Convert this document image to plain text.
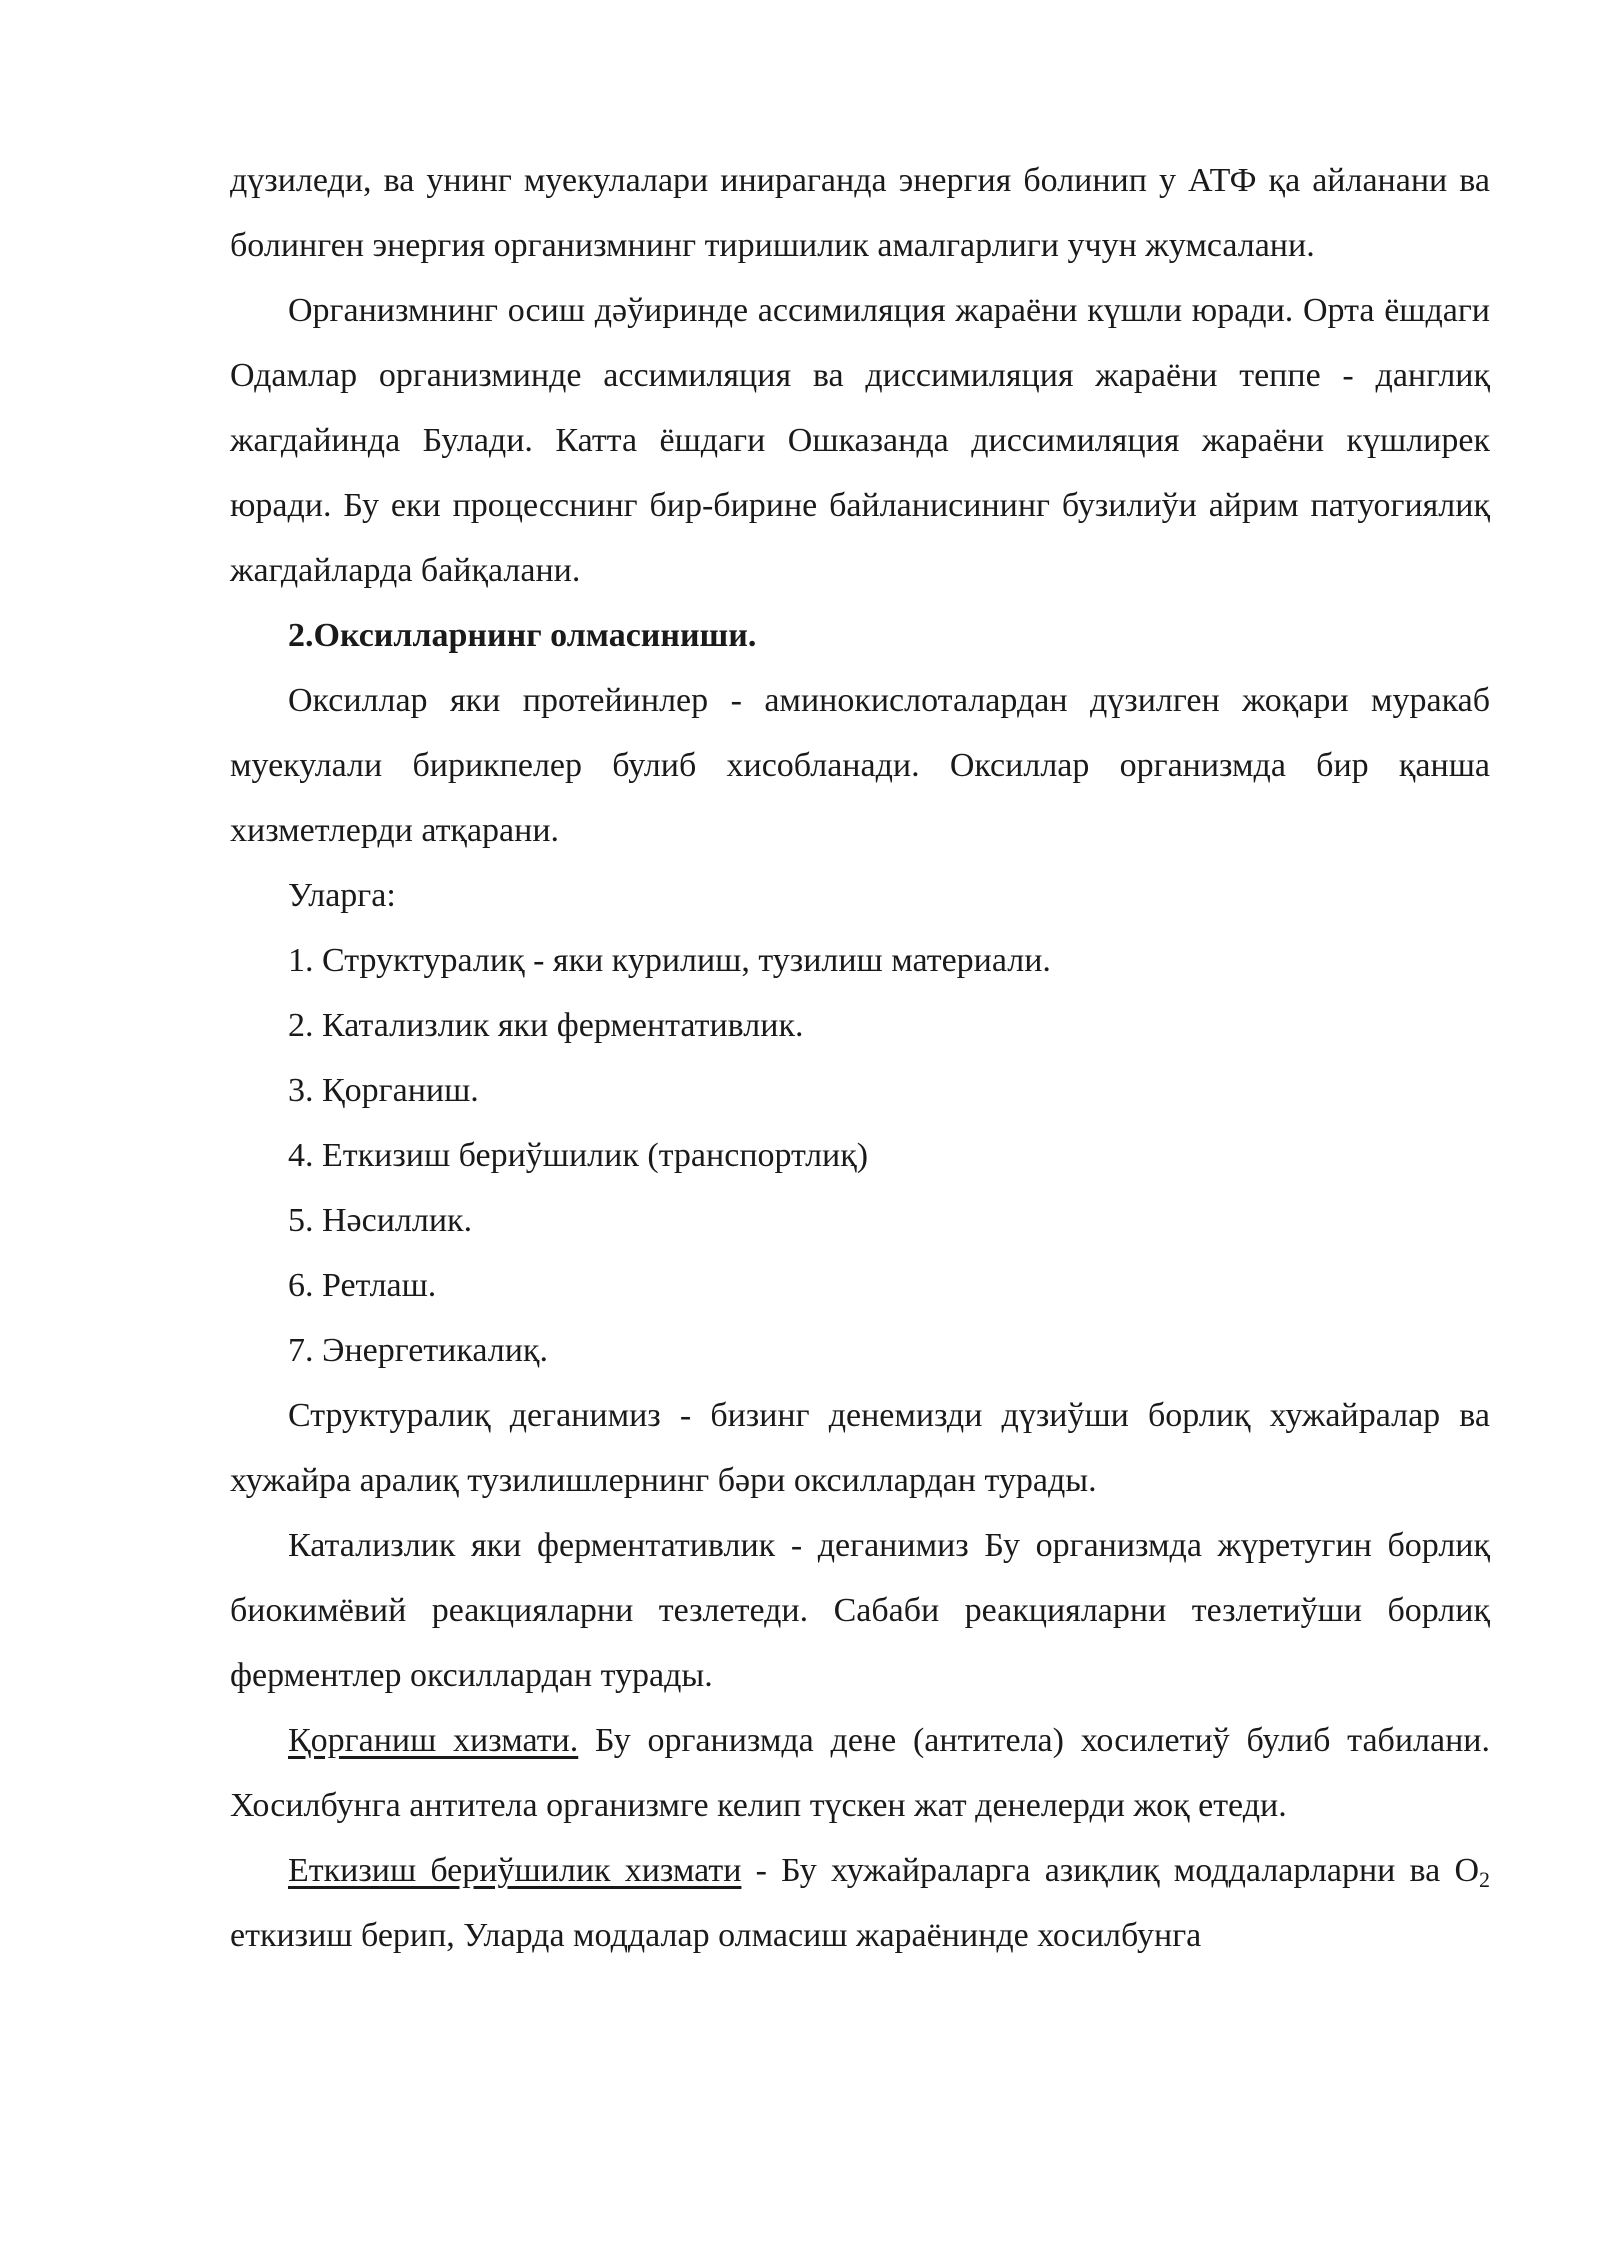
дүзиледи, ва унинг муекулалари инираганда энергия болинип у АТФ қа айланани ва болинген энергия организмнинг тиришилик амалгарлиги учун жумсалани.

Организмнинг осиш дәўиринде ассимиляция жараёни күшли юради. Орта ёшдаги Одамлар организминде ассимиляция ва диссимиляция жараёни теппе - данглиқ жагдайинда Булади. Катта ёшдаги Ошказанда диссимиляция жараёни күшлирек юради. Бу еки процесснинг бир-бирине байланисининг бузилиўи айрим патуогиялиқ жагдайларда байқалани.

2.Оксилларнинг олмасиниши.

Оксиллар яки протейинлер - аминокислоталардан дүзилген жоқари муракаб муекулали бирикпелер булиб хисобланади. Оксиллар организмда бир қанша хизметлерди атқарани.

Уларга:

1. Структуралиқ - яки курилиш, тузилиш материали.

2. Катализлик яки ферментативлик.

3. Қорганиш.

4. Еткизиш бериўшилик (транспортлиқ)

5. Нәсиллик.

6. Ретлаш.

7. Энергетикалиқ.

Структуралиқ деганимиз - бизинг денемизди дүзиўши борлиқ хужайралар ва хужайра аралиқ тузилишлернинг бәри оксиллардан турады.

Катализлик яки ферментативлик - деганимиз Бу организмда жүретугин борлиқ биокимёвий реакцияларни тезлетеди. Сабаби реакцияларни тезлетиўши борлиқ ферментлер оксиллардан турады.

Қорганиш хизмати. Бу организмда дене (антитела) хосилетиў булиб табилани. Хосилбунга антитела организмге келип түскен жат денелерди жоқ етеди.

Еткизиш бериўшилик хизмати - Бу хужайраларга азиқлиқ моддаларларни ва $О_2$ еткизиш берип, Уларда моддалар олмасиш жараёнинде хосилбунга
